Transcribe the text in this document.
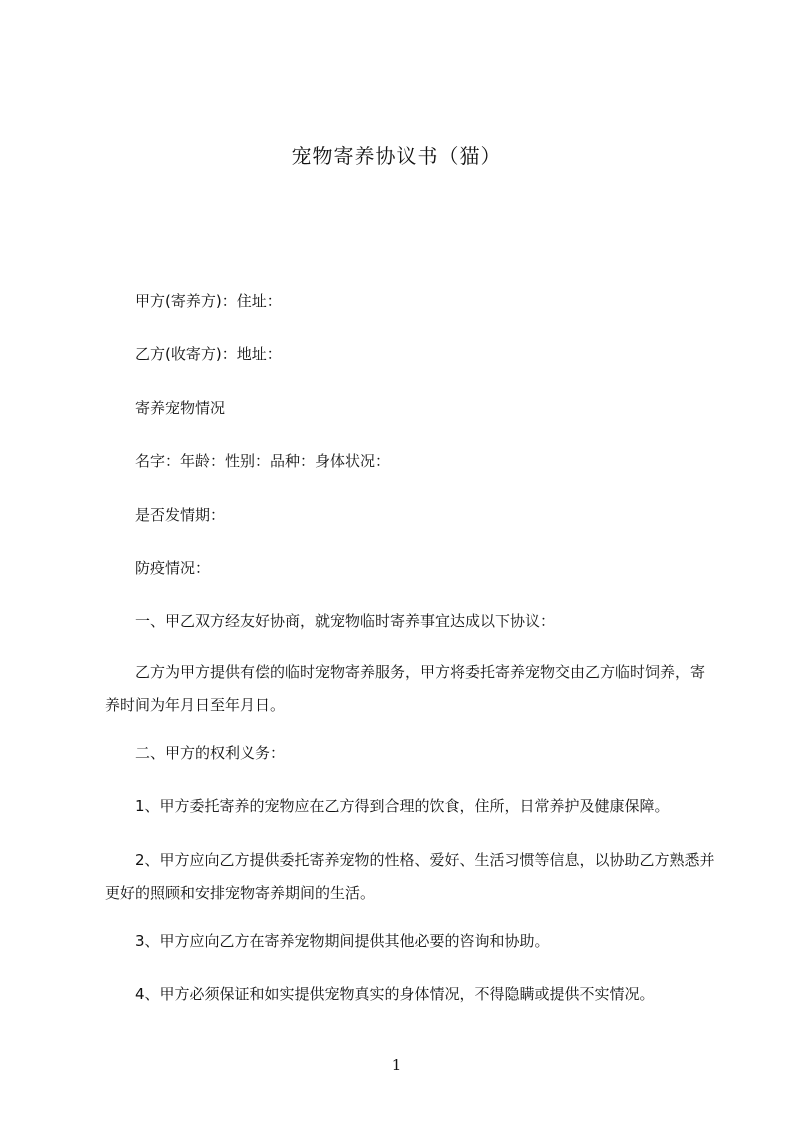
宠物寄养协议书（猫）

甲方(寄养方)：住址：

乙方(收寄方)：地址：

寄养宠物情况

名字：年龄：性别：品种：身体状况：

是否发情期：

防疫情况：

一、甲乙双方经友好协商，就宠物临时寄养事宜达成以下协议：

乙方为甲方提供有偿的临时宠物寄养服务，甲方将委托寄养宠物交由乙方临时饲养，寄养时间为年月日至年月日。

二、甲方的权利义务：

1、甲方委托寄养的宠物应在乙方得到合理的饮食，住所，日常养护及健康保障。

2、甲方应向乙方提供委托寄养宠物的性格、爱好、生活习惯等信息，以协助乙方熟悉并更好的照顾和安排宠物寄养期间的生活。

3、甲方应向乙方在寄养宠物期间提供其他必要的咨询和协助。

4、甲方必须保证和如实提供宠物真实的身体情况，不得隐瞒或提供不实情况。

1
